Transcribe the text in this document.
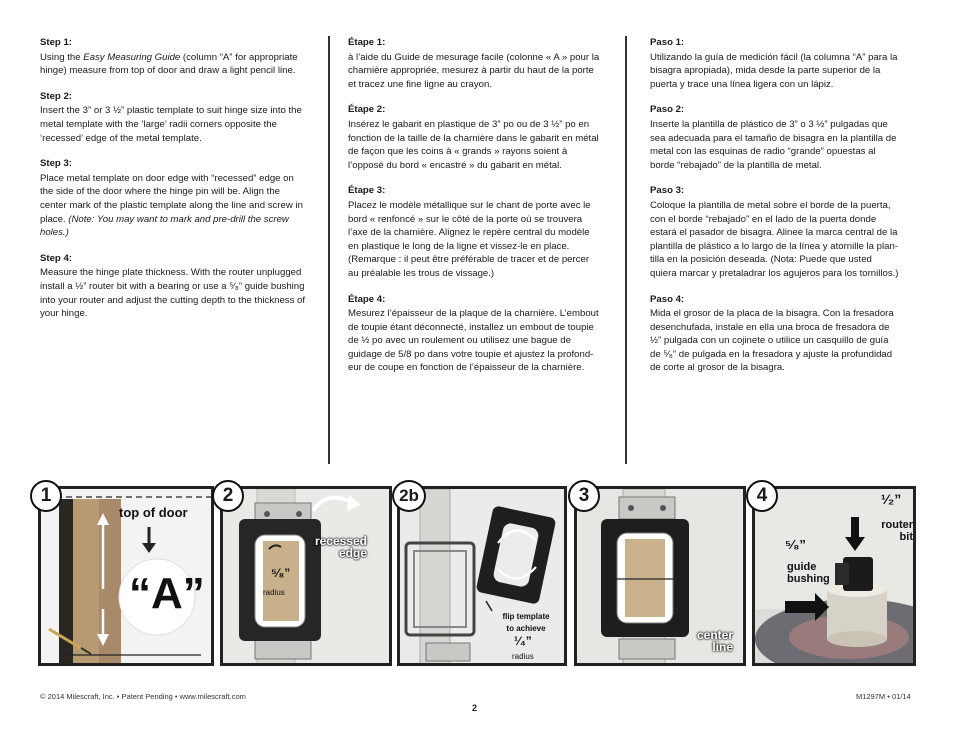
Step 1:
Using the Easy Measuring Guide (column “A” for appropriate hinge) measure from top of door and draw a light pencil line.
Step 2:
Insert the 3” or 3 ½” plastic template to suit hinge size into the metal template with the ‘large’ radii corners opposite the ‘recessed’ edge of the metal template.
Step 3:
Place metal template on door edge with “recessed” edge on the side of the door where the hinge pin will be. Align the center mark of the plastic template along the line and screw in place. (Note: You may want to mark and pre-drill the screw holes.)
Step 4:
Measure the hinge plate thickness. With the router unplugged install a ½” router bit with a bearing or use a ⁵⁄₈” guide bushing into your router and adjust the cutting depth to the thickness of your hinge.
Étape 1:
à l’aide du Guide de mesurage facile (colonne « A » pour la charnière appropriée, mesurez à partir du haut de la porte et tracez une fine ligne au crayon.
Étape 2:
Insérez le gabarit en plastique de 3” po ou de 3 ½” po en fonction de la taille de la charnière dans le gabarit en métal de façon que les coins à « grands » rayons soient à l’opposé du bord « encastré » du gabarit en métal.
Étape 3:
Placez le modèle métallique sur le chant de porte avec le bord « renfoncé » sur le côté de la porte où se trouvera l’axe de la charnière. Alignez le repère central du modèle en plastique le long de la ligne et vissez-le en place. (Remarque : il peut être préférable de tracer et de percer au préalable les trous de vissage.)
Étape 4:
Mesurez l’épaisseur de la plaque de la charnière. L’embout de toupie étant déconnecté, installez un embout de toupie de ½ po avec un roulement ou utilisez une bague de guidage de 5/8 po dans votre toupie et ajustez la profond-eur de coupe en fonction de l’épaisseur de la charnière.
Paso 1:
Utilizando la guía de medición fácil (la columna “A” para la bisagra apropiada), mida desde la parte superior de la puerta y trace una línea ligera con un lápiz.
Paso 2:
Inserte la plantilla de plástico de 3” o 3 ½” pulgadas que sea adecuada para el tamaño de bisagra en la plantilla de metal con las esquinas de radio “grande” opuestas al borde “rebajado” de la plantilla de metal.
Paso 3:
Coloque la plantilla de metal sobre el borde de la puerta, con el borde “rebajado” en el lado de la puerta donde estará el pasador de bisagra. Alinee la marca central de la plantilla de plástico a lo largo de la línea y atornille la plan-tilla en la posición deseada. (Nota: Puede que usted quiera marcar y pretaladrar los agujeros para los tornillos.)
Paso 4:
Mida el grosor de la placa de la bisagra. Con la fresadora desenchufada, instale en ella una broca de fresadora de ½” pulgada con un cojinete o utilice un casquillo de guía de ⁵⁄₈” de pulgada en la fresadora y ajuste la profundidad de corte al grosor de la bisagra.
top of door
“A”
1
recessed
edge
⁵⁄₈”
radius
2
flip template
to achieve
¹⁄₄”
radius
2b
center
line
3	¹⁄₂”
router
bit
⁵⁄₈”
guide
bushing
4
© 2014 Milescraft, Inc. • Patent Pending • www.milescraft.com
2
M1297M • 01/14
